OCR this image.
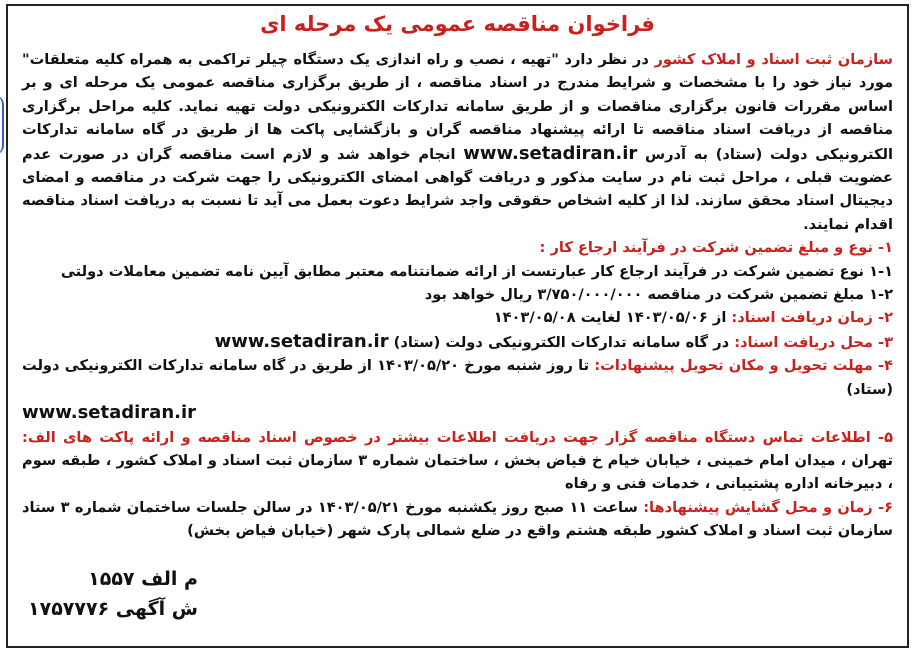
فراخوان مناقصه عمومی یک مرحله ای

سازمان ثبت اسناد و املاک کشور در نظر دارد "تهیه ، نصب و راه اندازی یک دستگاه چیلر تراکمی به همراه کلیه متعلقات" مورد نیاز خود را با مشخصات و شرایط مندرج در اسناد مناقصه ، از طریق برگزاری مناقصه عمومی یک مرحله ای و بر اساس مقررات قانون برگزاری مناقصات و از طریق سامانه تدارکات الکترونیکی دولت تهیه نماید. کلیه مراحل برگزاری مناقصه از دریافت اسناد مناقصه تا ارائه پیشنهاد مناقصه گران و بازگشایی پاکت ها از طریق در گاه سامانه تدارکات الکترونیکی دولت (ستاد) به آدرس www.setadiran.ir انجام خواهد شد و لازم است مناقصه گران در صورت عدم عضویت قبلی ، مراحل ثبت نام در سایت مذکور و دریافت گواهی امضای الکترونیکی را جهت شرکت در مناقصه و امضای دیجیتال اسناد محقق سازند. لذا از کلیه اشخاص حقوقی واجد شرایط دعوت بعمل می آید تا نسبت به دریافت اسناد مناقصه اقدام نمایند.

۱- نوع و مبلغ تضمین شرکت در فرآیند ارجاع کار :

۱-۱ نوع تضمین شرکت در فرآیند ارجاع کار عبارتست از ارائه ضمانتنامه معتبر مطابق آیین نامه تضمین معاملات دولتی

۱-۲ مبلغ تضمین شرکت در مناقصه ۳/۷۵۰/۰۰۰/۰۰۰ ریال خواهد بود

۲- زمان دریافت اسناد: از ۱۴۰۳/۰۵/۰۶ لغایت ۱۴۰۳/۰۵/۰۸

۳- محل دریافت اسناد: در گاه سامانه تدارکات الکترونیکی دولت (ستاد) www.setadiran.ir

۴- مهلت تحویل و مکان تحویل پیشنهادات: تا روز شنبه مورخ ۱۴۰۳/۰۵/۲۰ از طریق در گاه سامانه تدارکات الکترونیکی دولت (ستاد)

www.setadiran.ir

۵- اطلاعات تماس دستگاه مناقصه گزار جهت دریافت اطلاعات بیشتر در خصوص اسناد مناقصه و ارائه پاکت های الف: تهران ، میدان امام خمینی ، خیابان خیام خ فیاض بخش ، ساختمان شماره ۳ سازمان ثبت اسناد و املاک کشور ، طبقه سوم ، دبیرخانه اداره پشتیبانی ، خدمات فنی و رفاه

۶- زمان و محل گشایش پیشنهادها: ساعت ۱۱ صبح روز یکشنبه مورخ ۱۴۰۳/۰۵/۲۱ در سالن جلسات ساختمان شماره ۳ ستاد سازمان ثبت اسناد و املاک کشور طبقه هشتم واقع در ضلع شمالی پارک شهر (خیابان فیاض بخش)

م الف ۱۵۵۷
ش آگهی ۱۷۵۷۷۷۶
